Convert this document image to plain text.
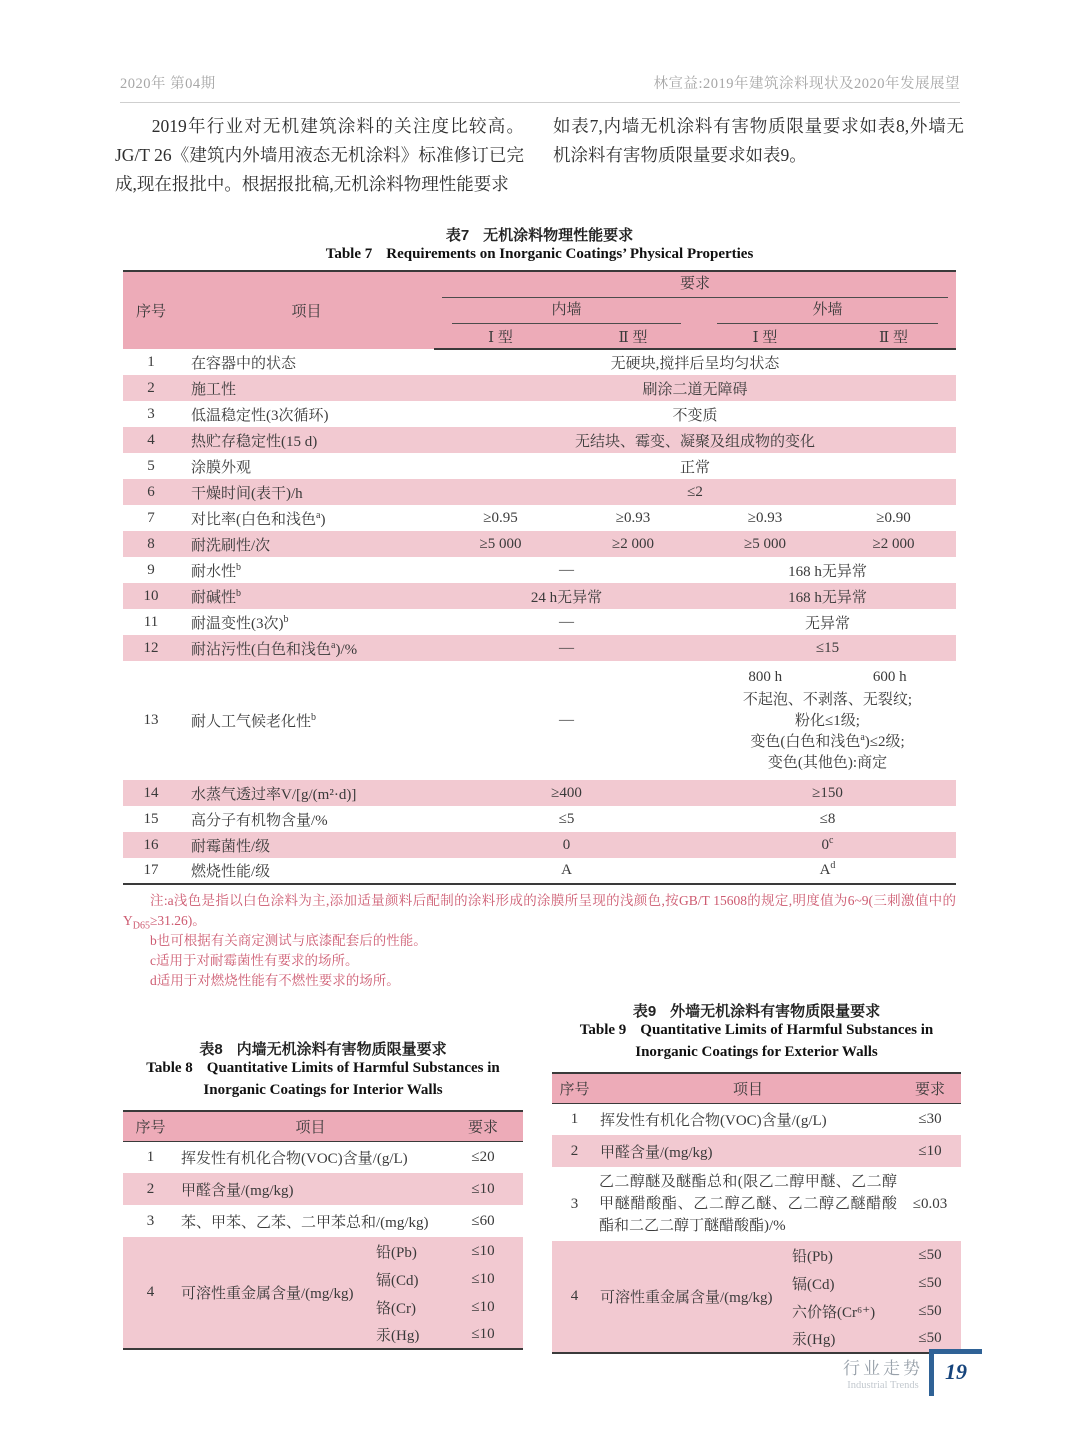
2020年 第04期	林宣益:2019年建筑涂料现状及2020年发展展望

2019年行业对无机建筑涂料的关注度比较高。JG/T 26《建筑内外墙用液态无机涂料》标准修订已完成,现在报批中。根据报批稿,无机涂料物理性能要求

如表7,内墙无机涂料有害物质限量要求如表8,外墙无机涂料有害物质限量要求如表9。

表7 无机涂料物理性能要求
Table 7 Requirements on Inorganic Coatings’ Physical Properties
序号	项目	要求			

		内墙		外墙	

		Ⅰ 型	Ⅱ 型	Ⅰ 型	Ⅱ 型
1	在容器中的状态	无硬块,搅拌后呈均匀状态			
2	施工性	刷涂二道无障碍			
3	低温稳定性(3次循环)	不变质			
4	热贮存稳定性(15 d)	无结块、霉变、凝聚及组成物的变化			
5	涂膜外观	正常			
6	干燥时间(表干)/h	≤2			
7	对比率(白色和浅色$^a$)	≥0.95	≥0.93	≥0.93	≥0.90
8	耐洗刷性/次	≥5 000	≥2 000	≥5 000	≥2 000
9	耐水性$^b$	—		168 h无异常	
10	耐碱性$^b$	24 h无异常		168 h无异常	
11	耐温变性(3次)$^b$	—		无异常	
12	耐沾污性(白色和浅色$^a$)/%	—		≤15	
13	耐人工气候老化性$^b$	—	
800 h	600 h
不起泡、不剥落、无裂纹;
粉化≤1级;
变色(白色和浅色$^a$)≤2级;
变色(其他色):商定

14	水蒸气透过率V/[g/(m²·d)]	≥400		≥150	
15	高分子有机物含量/%	≤5		≤8	
16	耐霉菌性/级	0		0$^c$
17	燃烧性能/级	A		$A^d$

注:a浅色是指以白色涂料为主,添加适量颜料后配制的涂料形成的涂膜所呈现的浅颜色,按GB/T 15608的规定,明度值为6~9(三刺激值中的$Y_{D65}\ge 31.26$)。

b也可根据有关商定测试与底漆配套后的性能。

c适用于对耐霉菌性有要求的场所。

d适用于对燃烧性能有不燃性要求的场所。

表8 内墙无机涂料有害物质限量要求
Table 8 Quantitative Limits of Harmful Substances in
Inorganic Coatings for Interior Walls
序号	项目		要求
1	挥发性有机化合物(VOC)含量/(g/L)		≤20
2	甲醛含量/(mg/kg)		≤10
3	苯、甲苯、乙苯、二甲苯总和/(mg/kg)		≤60
4	可溶性重金属含量/(mg/kg)	铅(Pb)	≤10
		镉(Cd)	≤10
		铬(Cr)	≤10
		汞(Hg)	≤10
表9 外墙无机涂料有害物质限量要求
Table 9 Quantitative Limits of Harmful Substances in
Inorganic Coatings for Exterior Walls
序号	项目		要求
1	挥发性有机化合物(VOC)含量/(g/L)		≤30
2	甲醛含量/(mg/kg)		≤10
3	乙二醇醚及醚酯总和(限乙二醇甲醚、乙二醇甲醚醋酸酯、乙二醇乙醚、乙二醇乙醚醋酸酯和二乙二醇丁醚醋酸酯)/%		≤0.03
4	可溶性重金属含量/(mg/kg)	铅(Pb)	≤50
		镉(Cd)	≤50
		六价铬(Cr⁶⁺)	≤50
		汞(Hg)	≤50
行业走势
Industrial Trends
19
